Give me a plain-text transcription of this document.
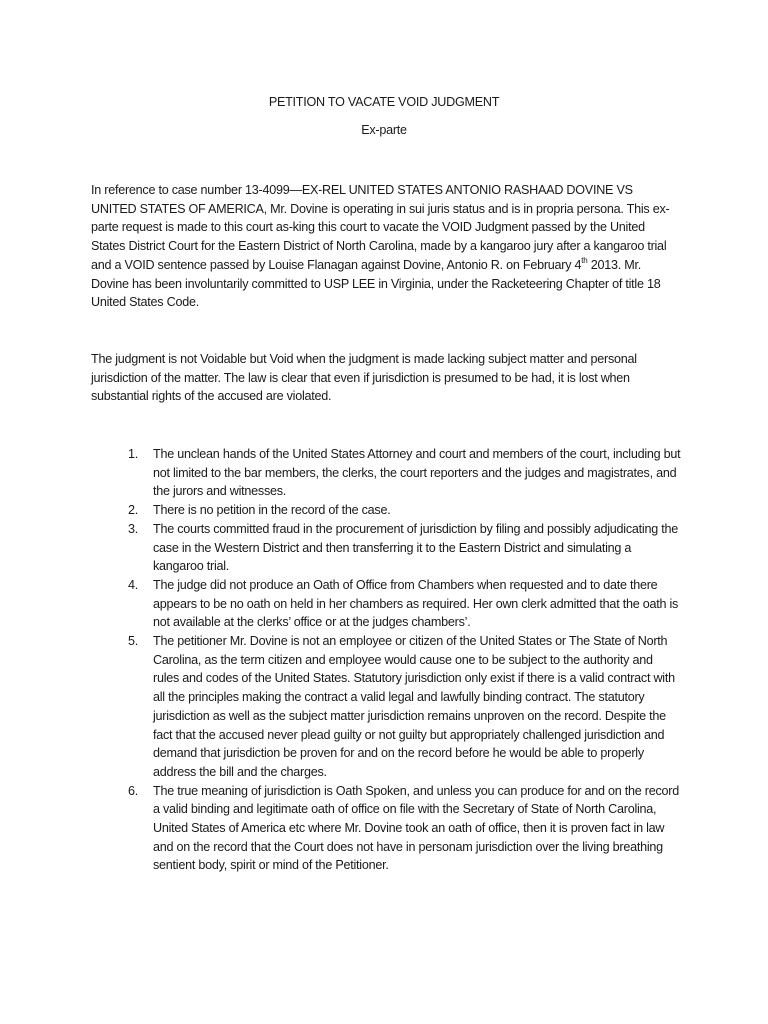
PETITION TO VACATE VOID JUDGMENT

Ex-parte

In reference to case number 13-4099—EX-REL UNITED STATES ANTONIO RASHAAD DOVINE VS UNITED STATES OF AMERICA, Mr. Dovine is operating in sui juris status and is in propria persona. This ex-parte request is made to this court as-king this court to vacate the VOID Judgment passed by the United States District Court for the Eastern District of North Carolina, made by a kangaroo jury after a kangaroo trial and a VOID sentence passed by Louise Flanagan against Dovine, Antonio R. on February 4th 2013. Mr. Dovine has been involuntarily committed to USP LEE in Virginia, under the Racketeering Chapter of title 18 United States Code.

The judgment is not Voidable but Void when the judgment is made lacking subject matter and personal jurisdiction of the matter. The law is clear that even if jurisdiction is presumed to be had, it is lost when substantial rights of the accused are violated.

1. The unclean hands of the United States Attorney and court and members of the court, including but not limited to the bar members, the clerks, the court reporters and the judges and magistrates, and the jurors and witnesses.
2. There is no petition in the record of the case.
3. The courts committed fraud in the procurement of jurisdiction by filing and possibly adjudicating the case in the Western District and then transferring it to the Eastern District and simulating a kangaroo trial.
4. The judge did not produce an Oath of Office from Chambers when requested and to date there appears to be no oath on held in her chambers as required. Her own clerk admitted that the oath is not available at the clerks’ office or at the judges chambers’.
5. The petitioner Mr. Dovine is not an employee or citizen of the United States or The State of North Carolina, as the term citizen and employee would cause one to be subject to the authority and rules and codes of the United States. Statutory jurisdiction only exist if there is a valid contract with all the principles making the contract a valid legal and lawfully binding contract. The statutory jurisdiction as well as the subject matter jurisdiction remains unproven on the record. Despite the fact that the accused never plead guilty or not guilty but appropriately challenged jurisdiction and demand that jurisdiction be proven for and on the record before he would be able to properly address the bill and the charges.
6. The true meaning of jurisdiction is Oath Spoken, and unless you can produce for and on the record a valid binding and legitimate oath of office on file with the Secretary of State of North Carolina, United States of America etc where Mr. Dovine took an oath of office, then it is proven fact in law and on the record that the Court does not have in personam jurisdiction over the living breathing sentient body, spirit or mind of the Petitioner.
